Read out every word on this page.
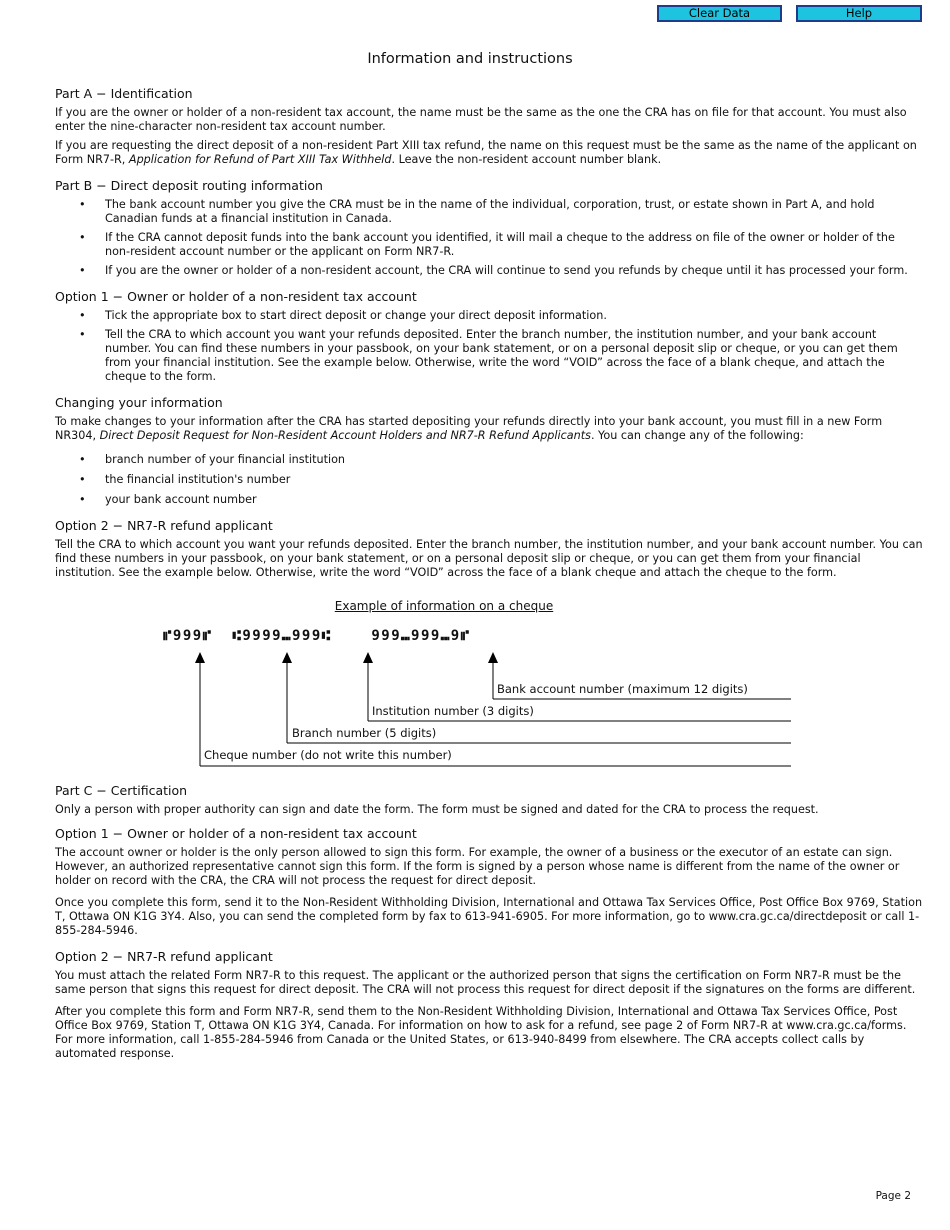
Clear Data	Help
Information and instructions
Part A − Identification
If you are the owner or holder of a non-resident tax account, the name must be the same as the one the CRA has on file for that account. You must also enter the nine-character non-resident tax account number.
If you are requesting the direct deposit of a non-resident Part XIII tax refund, the name on this request must be the same as the name of the applicant on Form NR7-R, Application for Refund of Part XIII Tax Withheld. Leave the non-resident account number blank.
Part B − Direct deposit routing information
• The bank account number you give the CRA must be in the name of the individual, corporation, trust, or estate shown in Part A, and hold Canadian funds at a financial institution in Canada.
• If the CRA cannot deposit funds into the bank account you identified, it will mail a cheque to the address on file of the owner or holder of the non-resident account number or the applicant on Form NR7-R.
• If you are the owner or holder of a non-resident account, the CRA will continue to send you refunds by cheque until it has processed your form.
Option 1 − Owner or holder of a non-resident tax account
• Tick the appropriate box to start direct deposit or change your direct deposit information.
• Tell the CRA to which account you want your refunds deposited. Enter the branch number, the institution number, and your bank account number. You can find these numbers in your passbook, on your bank statement, or on a personal deposit slip or cheque, or you can get them from your financial institution. See the example below. Otherwise, write the word “VOID” across the face of a blank cheque, and attach the cheque to the form.
Changing your information
To make changes to your information after the CRA has started depositing your refunds directly into your bank account, you must fill in a new Form NR304, Direct Deposit Request for Non-Resident Account Holders and NR7-R Refund Applicants. You can change any of the following:
• branch number of your financial institution
• the financial institution's number
• your bank account number
Option 2 − NR7-R refund applicant
Tell the CRA to which account you want your refunds deposited. Enter the branch number, the institution number, and your bank account number. You can find these numbers in your passbook, on your bank statement, or on a personal deposit slip or cheque, or you can get them from your financial institution. See the example below. Otherwise, write the word “VOID” across the face of a blank cheque and attach the cheque to the form.
Example of information on a cheque
⑈999⑈  ⑆9999⑉999⑆    999⑉999⑉9⑈
Bank account number (maximum 12 digits)
Institution number (3 digits)
Branch number (5 digits)
Cheque number (do not write this number)
Part C − Certification
Only a person with proper authority can sign and date the form. The form must be signed and dated for the CRA to process the request.
Option 1 − Owner or holder of a non-resident tax account
The account owner or holder is the only person allowed to sign this form. For example, the owner of a business or the executor of an estate can sign. However, an authorized representative cannot sign this form. If the form is signed by a person whose name is different from the name of the owner or holder on record with the CRA, the CRA will not process the request for direct deposit.
Once you complete this form, send it to the Non-Resident Withholding Division, International and Ottawa Tax Services Office, Post Office Box 9769, Station T, Ottawa ON K1G 3Y4. Also, you can send the completed form by fax to 613-941-6905. For more information, go to www.cra.gc.ca/directdeposit or call 1-855-284-5946.
Option 2 − NR7-R refund applicant
You must attach the related Form NR7-R to this request. The applicant or the authorized person that signs the certification on Form NR7-R must be the same person that signs this request for direct deposit. The CRA will not process this request for direct deposit if the signatures on the forms are different.
After you complete this form and Form NR7-R, send them to the Non-Resident Withholding Division, International and Ottawa Tax Services Office, Post Office Box 9769, Station T, Ottawa ON K1G 3Y4, Canada. For information on how to ask for a refund, see page 2 of Form NR7-R at www.cra.gc.ca/forms. For more information, call 1-855-284-5946 from Canada or the United States, or 613-940-8499 from elsewhere. The CRA accepts collect calls by automated response.
Page 2
